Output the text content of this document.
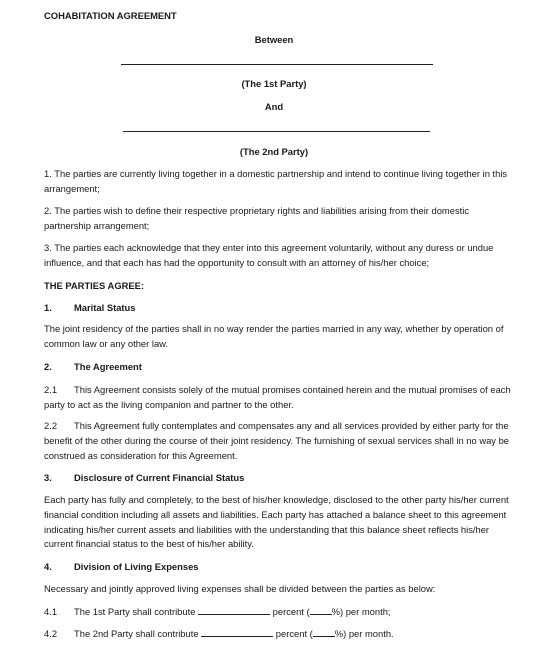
COHABITATION AGREEMENT
Between
(The 1st Party)
And
(The 2nd Party)
1. The parties are currently living together in a domestic partnership and intend to continue living together in this arrangement;
2. The parties wish to define their respective proprietary rights and liabilities arising from their domestic partnership arrangement;
3. The parties each acknowledge that they enter into this agreement voluntarily, without any duress or undue influence, and that each has had the opportunity to consult with an attorney of his/her choice;
THE PARTIES AGREE:
1. Marital Status
The joint residency of the parties shall in no way render the parties married in any way, whether by operation of common law or any other law.
2. The Agreement
2.1 This Agreement consists solely of the mutual promises contained herein and the mutual promises of each party to act as the living companion and partner to the other.
2.2 This Agreement fully contemplates and compensates any and all services provided by either party for the benefit of the other during the course of their joint residency. The furnishing of sexual services shall in no way be construed as consideration for this Agreement.
3. Disclosure of Current Financial Status
Each party has fully and completely, to the best of his/her knowledge, disclosed to the other party his/her current financial condition including all assets and liabilities. Each party has attached a balance sheet to this agreement indicating his/her current assets and liabilities with the understanding that this balance sheet reflects his/her current financial status to the best of his/her ability.
4. Division of Living Expenses
Necessary and jointly approved living expenses shall be divided between the parties as below:
4.1 The 1st Party shall contribute	percent ( %) per month;
4.2 The 2nd Party shall contribute	percent ( %) per month.
